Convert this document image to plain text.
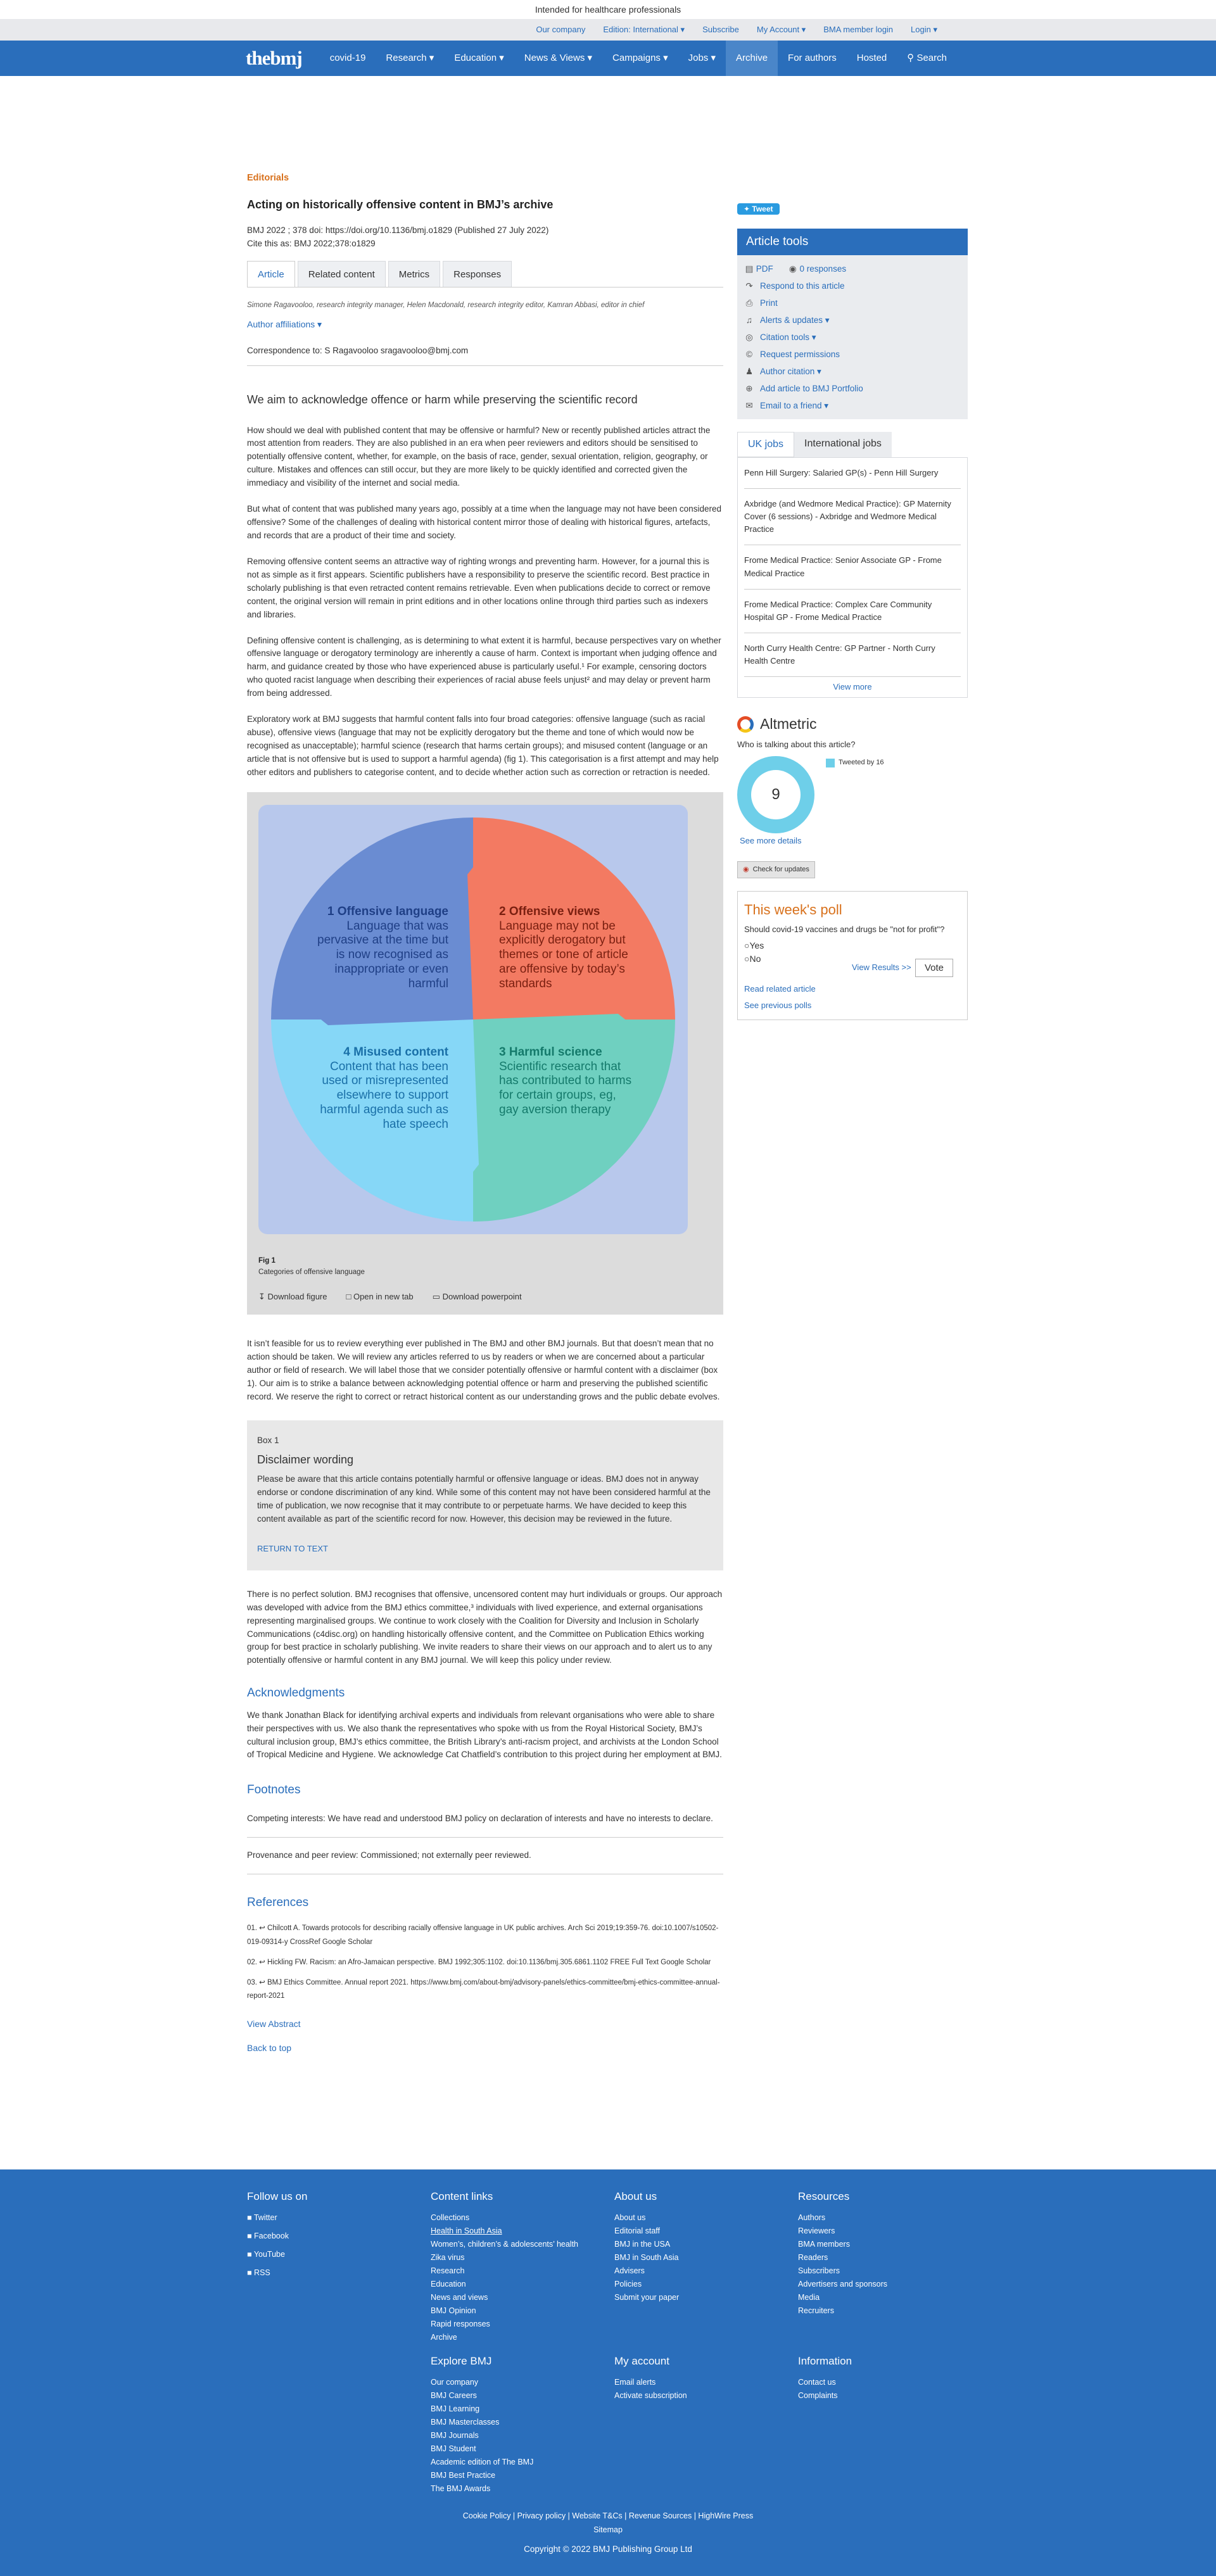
Intended for healthcare professionals
Our company Edition: International ▾ Subscribe My Account ▾ BMA member login Login ▾
thebmj	covid-19	Research ▾	Education ▾	News & Views ▾	Campaigns ▾	Jobs ▾	Archive	For authors	Hosted	⚲ Search
Editorials
Acting on historically offensive content in BMJ’s archive
BMJ 2022 ; 378 doi: https://doi.org/10.1136/bmj.o1829 (Published 27 July 2022)
Cite this as: BMJ 2022;378:o1829
Article	Related content	Metrics	Responses
Simone Ragavooloo, research integrity manager, Helen Macdonald, research integrity editor, Kamran Abbasi, editor in chief
Author affiliations ▾
Correspondence to: S Ragavooloo sragavooloo@bmj.com
We aim to acknowledge offence or harm while preserving the scientific record

How should we deal with published content that may be offensive or harmful? New or recently published articles attract the most attention from readers. They are also published in an era when peer reviewers and editors should be sensitised to potentially offensive content, whether, for example, on the basis of race, gender, sexual orientation, religion, geography, or culture. Mistakes and offences can still occur, but they are more likely to be quickly identified and corrected given the immediacy and visibility of the internet and social media.

But what of content that was published many years ago, possibly at a time when the language may not have been considered offensive? Some of the challenges of dealing with historical content mirror those of dealing with historical figures, artefacts, and records that are a product of their time and society.

Removing offensive content seems an attractive way of righting wrongs and preventing harm. However, for a journal this is not as simple as it first appears. Scientific publishers have a responsibility to preserve the scientific record. Best practice in scholarly publishing is that even retracted content remains retrievable. Even when publications decide to correct or remove content, the original version will remain in print editions and in other locations online through third parties such as indexers and libraries.

Defining offensive content is challenging, as is determining to what extent it is harmful, because perspectives vary on whether offensive language or derogatory terminology are inherently a cause of harm. Context is important when judging offence and harm, and guidance created by those who have experienced abuse is particularly useful.¹ For example, censoring doctors who quoted racist language when describing their experiences of racial abuse feels unjust² and may delay or prevent harm from being addressed.

Exploratory work at BMJ suggests that harmful content falls into four broad categories: offensive language (such as racial abuse), offensive views (language that may not be explicitly derogatory but the theme and tone of which would now be recognised as unacceptable); harmful science (research that harms certain groups); and misused content (language or an article that is not offensive but is used to support a harmful agenda) (fig 1). This categorisation is a first attempt and may help other editors and publishers to categorise content, and to decide whether action such as correction or retraction is needed.

1 Offensive language
Language that was pervasive at the time but is now recognised as inappropriate or even harmful
2 Offensive views
Language may not be explicitly derogatory but themes or tone of article are offensive by today’s standards
3 Harmful science
Scientific research that has contributed to harms for certain groups, eg, gay aversion therapy
4 Misused content
Content that has been used or misrepresented elsewhere to support harmful agenda such as hate speech
Fig 1
Categories of offensive language
↧ Download figure □ Open in new tab ▭ Download powerpoint

It isn’t feasible for us to review everything ever published in The BMJ and other BMJ journals. But that doesn’t mean that no action should be taken. We will review any articles referred to us by readers or when we are concerned about a particular author or field of research. We will label those that we consider potentially offensive or harmful content with a disclaimer (box 1). Our aim is to strike a balance between acknowledging potential offence or harm and preserving the published scientific record. We reserve the right to correct or retract historical content as our understanding grows and the public debate evolves.

Box 1
Disclaimer wording
Please be aware that this article contains potentially harmful or offensive language or ideas. BMJ does not in anyway endorse or condone discrimination of any kind. While some of this content may not have been considered harmful at the time of publication, we now recognise that it may contribute to or perpetuate harms. We have decided to keep this content available as part of the scientific record for now. However, this decision may be reviewed in the future.
RETURN TO TEXT

There is no perfect solution. BMJ recognises that offensive, uncensored content may hurt individuals or groups. Our approach was developed with advice from the BMJ ethics committee,³ individuals with lived experience, and external organisations representing marginalised groups. We continue to work closely with the Coalition for Diversity and Inclusion in Scholarly Communications (c4disc.org) on handling historically offensive content, and the Committee on Publication Ethics working group for best practice in scholarly publishing. We invite readers to share their views on our approach and to alert us to any potentially offensive or harmful content in any BMJ journal. We will keep this policy under review.

Acknowledgments

We thank Jonathan Black for identifying archival experts and individuals from relevant organisations who were able to share their perspectives with us. We also thank the representatives who spoke with us from the Royal Historical Society, BMJ’s cultural inclusion group, BMJ’s ethics committee, the British Library’s anti-racism project, and archivists at the London School of Tropical Medicine and Hygiene. We acknowledge Cat Chatfield’s contribution to this project during her employment at BMJ.

Footnotes

Competing interests: We have read and understood BMJ policy on declaration of interests and have no interests to declare.

Provenance and peer review: Commissioned; not externally peer reviewed.

References
01. ↩ Chilcott A. Towards protocols for describing racially offensive language in UK public archives. Arch Sci 2019;19:359-76. doi:10.1007/s10502-019-09314-y CrossRef Google Scholar
02. ↩ Hickling FW. Racism: an Afro-Jamaican perspective. BMJ 1992;305:1102. doi:10.1136/bmj.305.6861.1102 FREE Full Text Google Scholar
03. ↩ BMJ Ethics Committee. Annual report 2021. https://www.bmj.com/about-bmj/advisory-panels/ethics-committee/bmj-ethics-committee-annual-report-2021
View Abstract
Back to top
✦ Tweet
Article tools
▤ PDF ◉ 0 responses
↷ Respond to this article
⎙ Print
♫ Alerts & updates ▾
◎ Citation tools ▾
© Request permissions
♟ Author citation ▾
⊕ Add article to BMJ Portfolio
✉ Email to a friend ▾
UK jobs	International jobs
Penn Hill Surgery: Salaried GP(s) - Penn Hill Surgery
Axbridge (and Wedmore Medical Practice): GP Maternity Cover (6 sessions) - Axbridge and Wedmore Medical Practice
Frome Medical Practice: Senior Associate GP - Frome Medical Practice
Frome Medical Practice: Complex Care Community Hospital GP - Frome Medical Practice
North Curry Health Centre: GP Partner - North Curry Health Centre
View more
Altmetric
Who is talking about this article?
9
Tweeted by 16
See more details
◉ Check for updates
This week's poll
Should covid-19 vaccines and drugs be "not for profit"?
○Yes
○No
View Results >>	Vote
Read related article
See previous polls
Follow us on
■ Twitter
■ Facebook
■ YouTube
■ RSS
Content links
Collections
Health in South Asia
Women’s, children’s & adolescents’ health
Zika virus
Research
Education
News and views
BMJ Opinion
Rapid responses
Archive
About us
About us
Editorial staff
BMJ in the USA
BMJ in South Asia
Advisers
Policies
Submit your paper
Resources
Authors
Reviewers
BMA members
Readers
Subscribers
Advertisers and sponsors
Media
Recruiters
Explore BMJ
Our company
BMJ Careers
BMJ Learning
BMJ Masterclasses
BMJ Journals
BMJ Student
Academic edition of The BMJ
BMJ Best Practice
The BMJ Awards
My account
Email alerts
Activate subscription
Information
Contact us
Complaints
Cookie Policy | Privacy policy | Website T&Cs | Revenue Sources | HighWire Press
Sitemap
Copyright © 2022 BMJ Publishing Group Ltd
